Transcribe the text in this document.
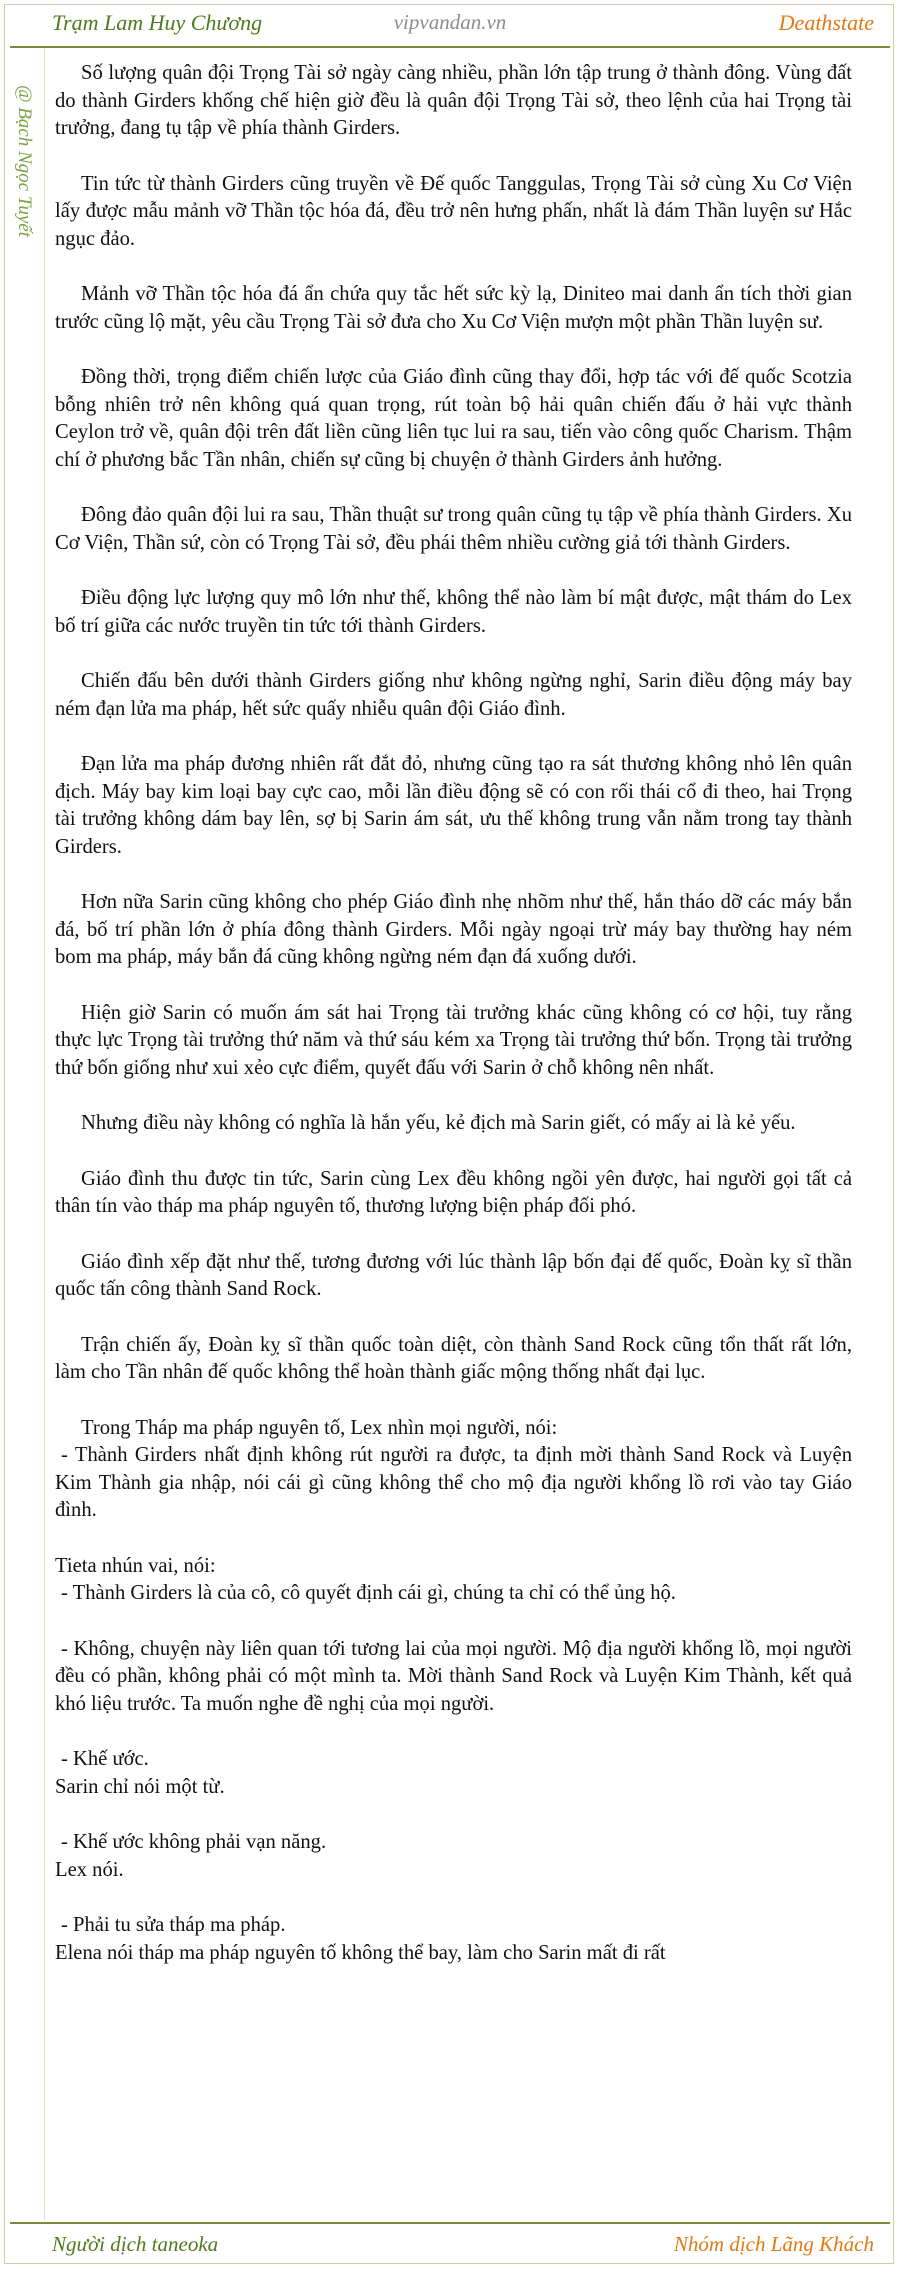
Trạm Lam Huy Chương	vipvandan.vn	Deathstate
@ Bạch Ngọc Tuyết

Số lượng quân đội Trọng Tài sở ngày càng nhiều, phần lớn tập trung ở thành đông. Vùng đất do thành Girders khống chế hiện giờ đều là quân đội Trọng Tài sở, theo lệnh của hai Trọng tài trưởng, đang tụ tập về phía thành Girders.

Tin tức từ thành Girders cũng truyền về Đế quốc Tanggulas, Trọng Tài sở cùng Xu Cơ Viện lấy được mẫu mảnh vỡ Thần tộc hóa đá, đều trở nên hưng phấn, nhất là đám Thần luyện sư Hắc ngục đảo.

Mảnh vỡ Thần tộc hóa đá ẩn chứa quy tắc hết sức kỳ lạ, Diniteo mai danh ẩn tích thời gian trước cũng lộ mặt, yêu cầu Trọng Tài sở đưa cho Xu Cơ Viện mượn một phần Thần luyện sư.

Đồng thời, trọng điểm chiến lược của Giáo đình cũng thay đổi, hợp tác với đế quốc Scotzia bỗng nhiên trở nên không quá quan trọng, rút toàn bộ hải quân chiến đấu ở hải vực thành Ceylon trở về, quân đội trên đất liền cũng liên tục lui ra sau, tiến vào công quốc Charism. Thậm chí ở phương bắc Tần nhân, chiến sự cũng bị chuyện ở thành Girders ảnh hưởng.

Đông đảo quân đội lui ra sau, Thần thuật sư trong quân cũng tụ tập về phía thành Girders. Xu Cơ Viện, Thần sứ, còn có Trọng Tài sở, đều phái thêm nhiều cường giả tới thành Girders.

Điều động lực lượng quy mô lớn như thế, không thể nào làm bí mật được, mật thám do Lex bố trí giữa các nước truyền tin tức tới thành Girders.

Chiến đấu bên dưới thành Girders giống như không ngừng nghỉ, Sarin điều động máy bay ném đạn lửa ma pháp, hết sức quấy nhiễu quân đội Giáo đình.

Đạn lửa ma pháp đương nhiên rất đắt đỏ, nhưng cũng tạo ra sát thương không nhỏ lên quân địch. Máy bay kim loại bay cực cao, mỗi lần điều động sẽ có con rối thái cổ đi theo, hai Trọng tài trưởng không dám bay lên, sợ bị Sarin ám sát, ưu thế không trung vẫn nằm trong tay thành Girders.

Hơn nữa Sarin cũng không cho phép Giáo đình nhẹ nhõm như thế, hắn tháo dỡ các máy bắn đá, bố trí phần lớn ở phía đông thành Girders. Mỗi ngày ngoại trừ máy bay thường hay ném bom ma pháp, máy bắn đá cũng không ngừng ném đạn đá xuống dưới.

Hiện giờ Sarin có muốn ám sát hai Trọng tài trưởng khác cũng không có cơ hội, tuy rằng thực lực Trọng tài trưởng thứ năm và thứ sáu kém xa Trọng tài trưởng thứ bốn. Trọng tài trưởng thứ bốn giống như xui xẻo cực điểm, quyết đấu với Sarin ở chỗ không nên nhất.

Nhưng điều này không có nghĩa là hắn yếu, kẻ địch mà Sarin giết, có mấy ai là kẻ yếu.

Giáo đình thu được tin tức, Sarin cùng Lex đều không ngồi yên được, hai người gọi tất cả thân tín vào tháp ma pháp nguyên tố, thương lượng biện pháp đối phó.

Giáo đình xếp đặt như thế, tương đương với lúc thành lập bốn đại đế quốc, Đoàn kỵ sĩ thần quốc tấn công thành Sand Rock.

Trận chiến ấy, Đoàn kỵ sĩ thần quốc toàn diệt, còn thành Sand Rock cũng tổn thất rất lớn, làm cho Tần nhân đế quốc không thể hoàn thành giấc mộng thống nhất đại lục.

Trong Tháp ma pháp nguyên tố, Lex nhìn mọi người, nói:

- Thành Girders nhất định không rút người ra được, ta định mời thành Sand Rock và Luyện Kim Thành gia nhập, nói cái gì cũng không thể cho mộ địa người khổng lồ rơi vào tay Giáo đình.

Tieta nhún vai, nói:

- Thành Girders là của cô, cô quyết định cái gì, chúng ta chỉ có thể ủng hộ.

- Không, chuyện này liên quan tới tương lai của mọi người. Mộ địa người khổng lồ, mọi người đều có phần, không phải có một mình ta. Mời thành Sand Rock và Luyện Kim Thành, kết quả khó liệu trước. Ta muốn nghe đề nghị của mọi người.

- Khế ước.

Sarin chỉ nói một từ.

- Khế ước không phải vạn năng.

Lex nói.

- Phải tu sửa tháp ma pháp.

Elena nói tháp ma pháp nguyên tố không thể bay, làm cho Sarin mất đi rất

Người dịch taneoka	Nhóm dịch Lãng Khách
